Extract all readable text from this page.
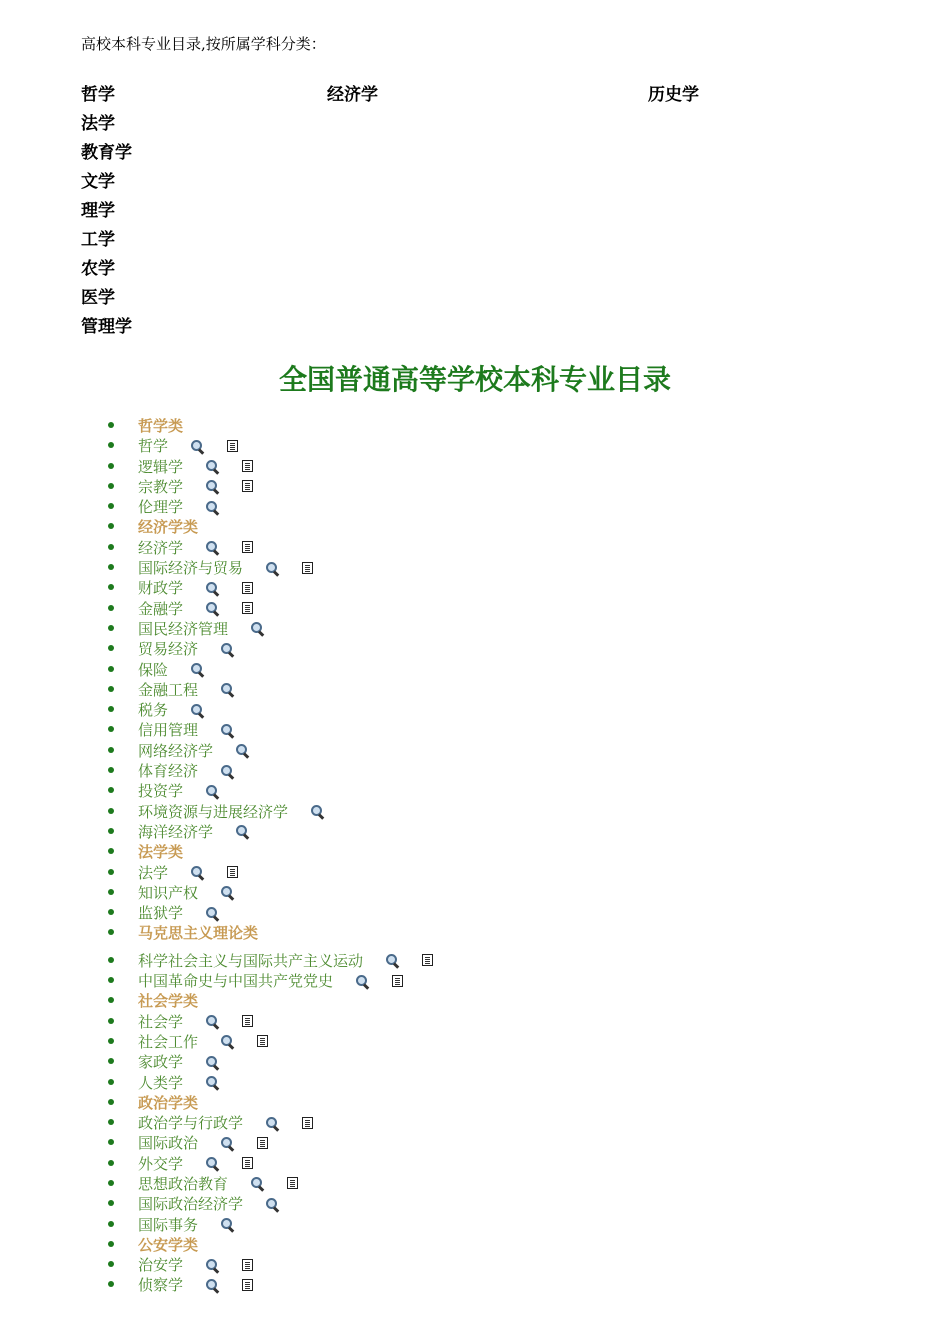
高校本科专业目录,按所属学科分类：
哲学	经济学	历史学
法学
教育学
文学
理学
工学
农学
医学
管理学
全国普通高等学校本科专业目录
哲学类
哲学
逻辑学
宗教学
伦理学
经济学类
经济学
国际经济与贸易
财政学
金融学
国民经济管理
贸易经济
保险
金融工程
税务
信用管理
网络经济学
体育经济
投资学
环境资源与进展经济学
海洋经济学
法学类
法学
知识产权
监狱学
马克思主义理论类
科学社会主义与国际共产主义运动
中国革命史与中国共产党党史
社会学类
社会学
社会工作
家政学
人类学
政治学类
政治学与行政学
国际政治
外交学
思想政治教育
国际政治经济学
国际事务
公安学类
治安学
侦察学
